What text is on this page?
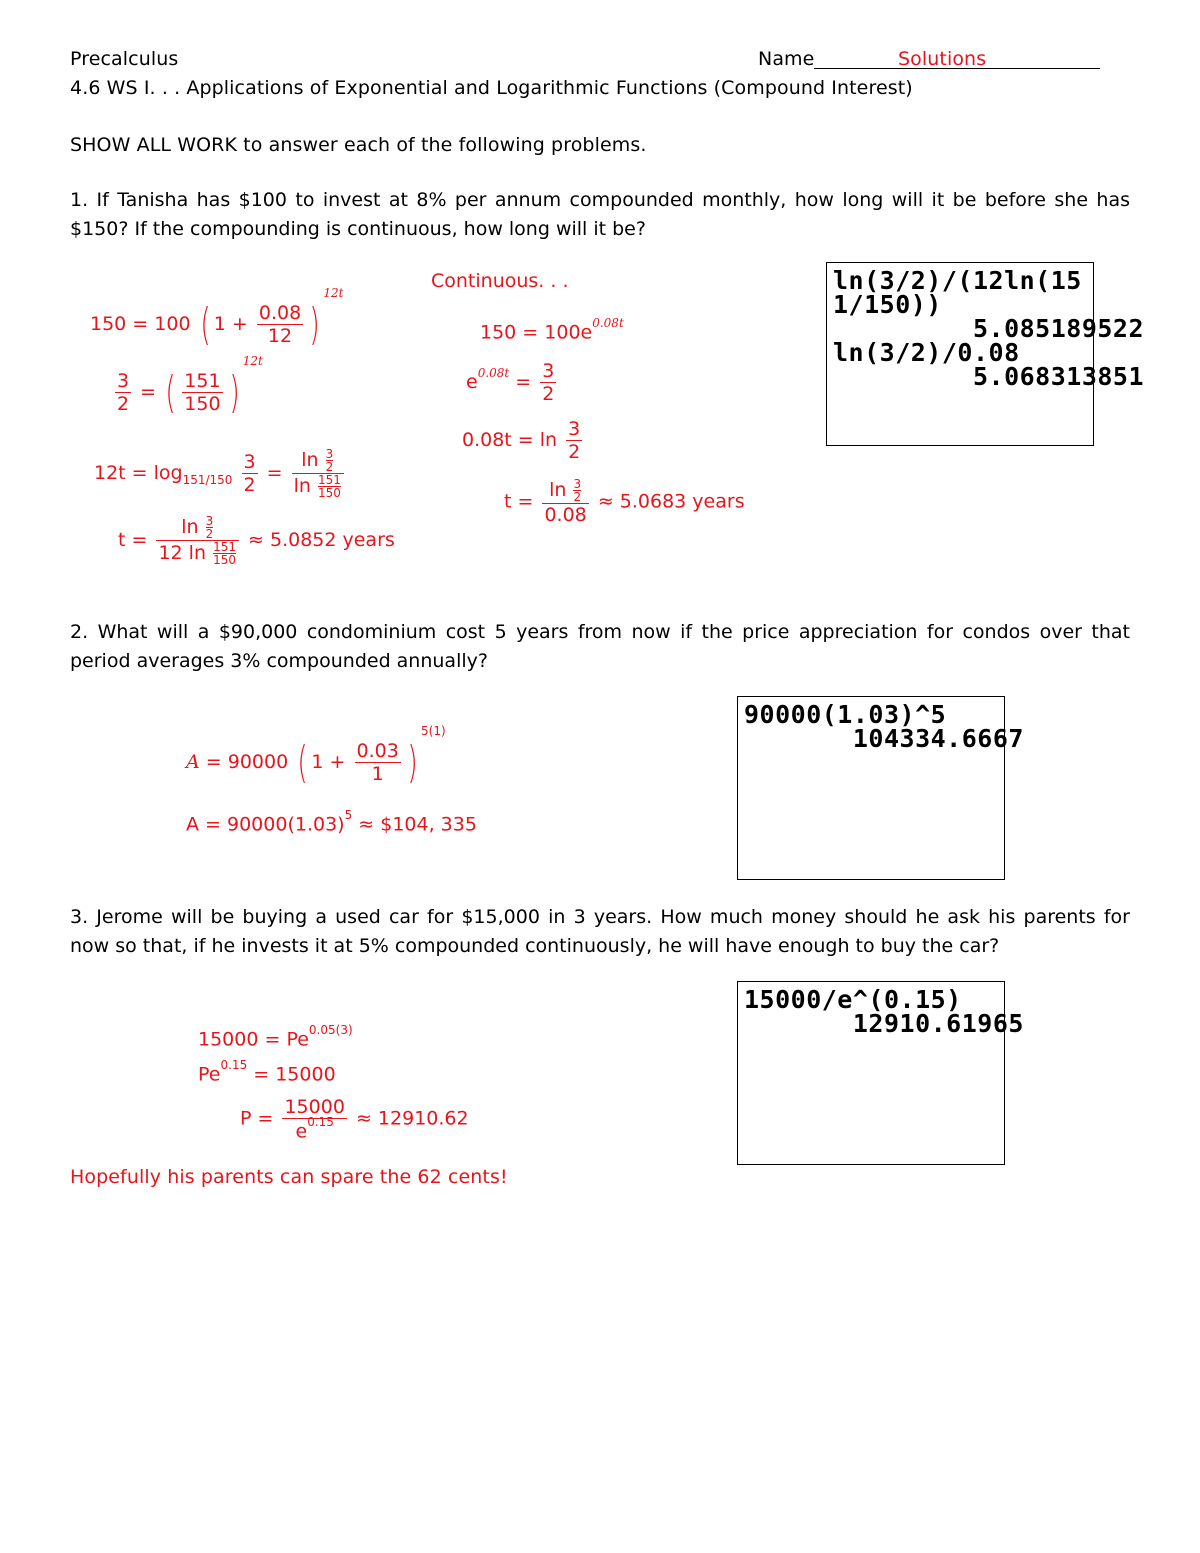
Precalculus	Name	Solutions
4.6 WS I. . . Applications of Exponential and Logarithmic Functions (Compound Interest)
SHOW ALL WORK to answer each of the following problems.
1. If Tanisha has $100 to invest at 8% per annum compounded monthly, how long will it be before she has $150? If the compounding is continuous, how long will it be?
150 = 100 ( $1 + \frac{0.08}{12} )^{12t}$
$\frac{3}{2}$ = ( $\frac{151}{150} )^{12t}$
$12t = \log_{151/150} \frac{3}{2} = \frac{\ln \frac{3}{2}}{\ln \frac{151}{150}}$
$t = \frac{\ln \frac{3}{2}}{12 \ln \frac{151}{150}} \approx 5.0852$ years
Continuous. . .
$150 = 100e^{0.08t}$
$e^{0.08t} = \frac{3}{2}$
$0.08t = \ln \frac{3}{2}$
$t = \frac{\ln \frac{3}{2}}{0.08} \approx 5.0683$ years
ln(3/2)/(12ln(15
1/150))
5.085189522
ln(3/2)/0.08
5.068313851
2. What will a $90,000 condominium cost 5 years from now if the price appreciation for condos over that period averages 3% compounded annually?
A = 90000 ( $1 + \frac{0.03}{1} )^{5(1)}$
$A = 90000(1.03)^5$ ≈ $104, 335
90000(1.03)^5
104334.6667
3. Jerome will be buying a used car for $15,000 in 3 years. How much money should he ask his parents for now so that, if he invests it at 5% compounded continuously, he will have enough to buy the car?
$15000 = Pe^{0.05(3)}$
$Pe^{0.15} = 15000$
$P = \frac{15000}{e^{0.15}} \approx 12910.62$
Hopefully his parents can spare the 62 cents!
15000/e^(0.15)
12910.61965
